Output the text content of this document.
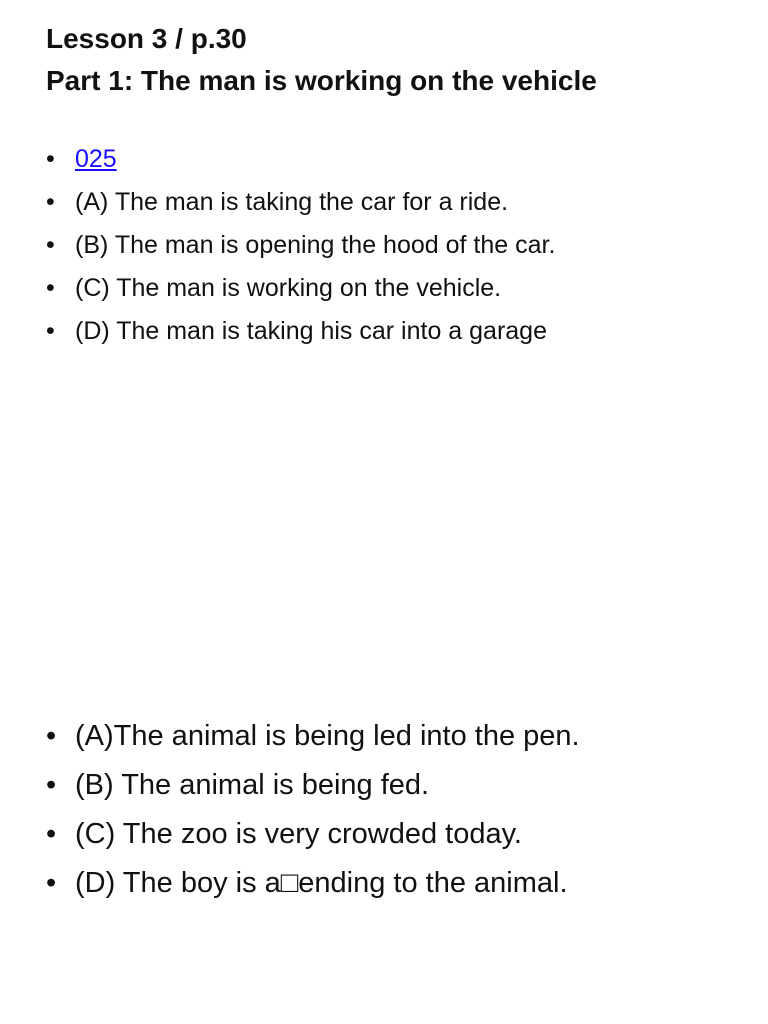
Lesson 3 / p.30

Part 1: The man is working on the vehicle

• 025
• (A) The man is taking the car for a ride.
• (B) The man is opening the hood of the car.
• (C) The man is working on the vehicle.
• (D) The man is taking his car into a garage
• (A)The animal is being led into the pen.
• (B) The animal is being fed.
• (C) The zoo is very crowded today.
• (D) The boy is a□ending to the animal.
